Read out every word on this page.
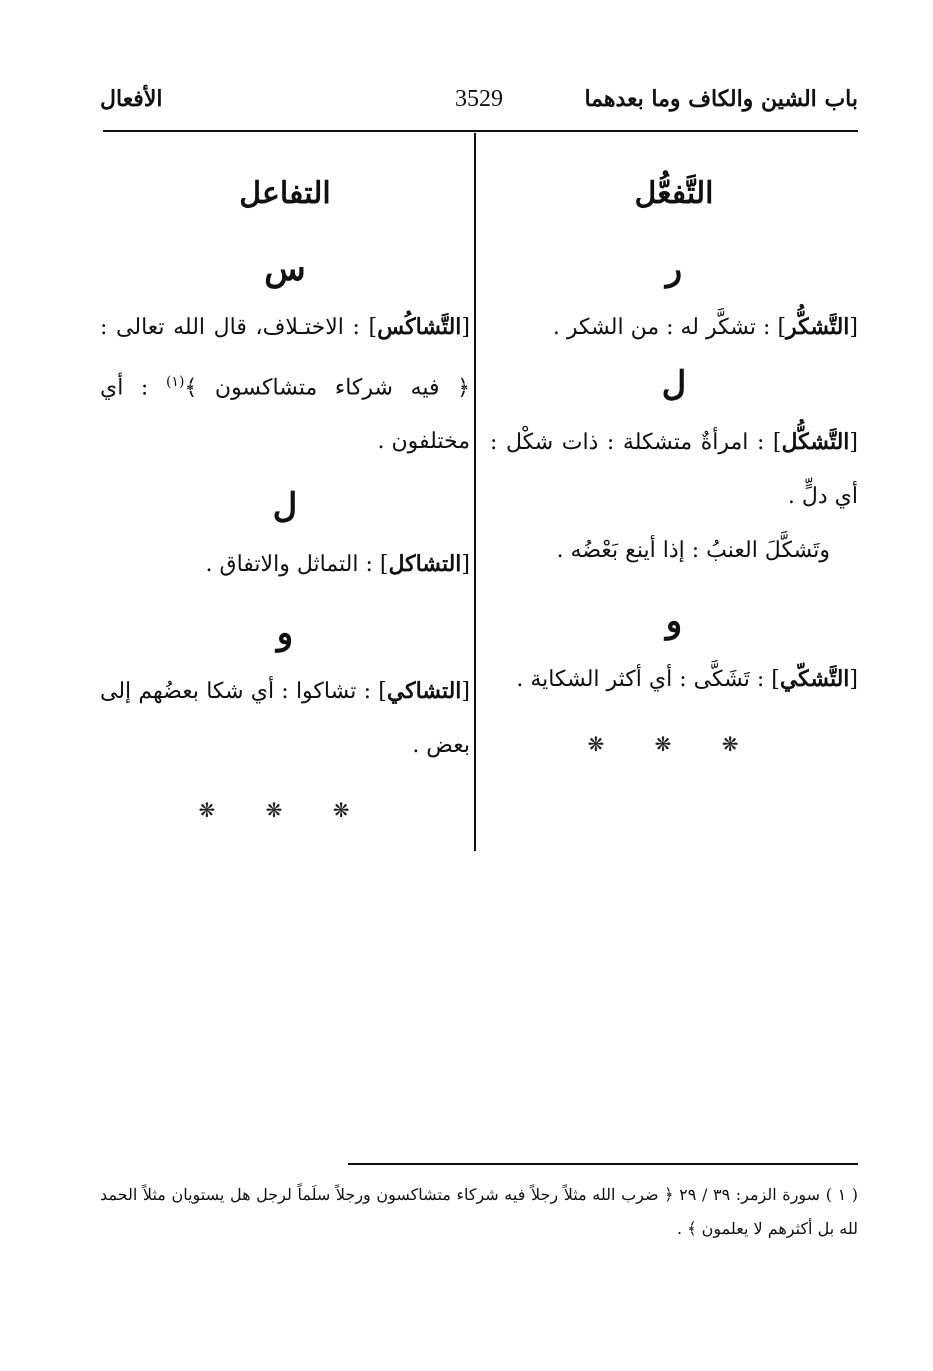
باب الشين والكاف وما بعدهما
3529
الأفعال
التَّفعُّل
ر

[التَّشكُّر] : تشكَّر له : من الشكر .

ل

[التَّشكُّل] : امرأةٌ متشكلة : ذات شكْل : أي دلٍّ .

وتَشكَّلَ العنبُ : إذا أينع بَعْضُه .

و

[التَّشكّي] : تَشَكَّى : أي أكثر الشكاية .

❋ ❋ ❋
التفاعل
س

[التَّشاكُس] : الاختـلاف، قال الله تعالى : ﴿ فيه شركاء متشاكسون ﴾$^{(١)}$ : أي مختلفون .

ل

[التشاكل] : التماثل والاتفاق .

و

[التشاكي] : تشاكوا : أي شكا بعضُهم إلى بعض .

❋ ❋ ❋
( ١ ) سورة الزمر: ٣٩ / ٢٩ ﴿ ضرب الله مثلاً رجلاً فيه شركاء متشاكسون ورجلاً سلَماً لرجل هل يستويان مثلاً الحمد لله بل أكثرهم لا يعلمون ﴾ .
